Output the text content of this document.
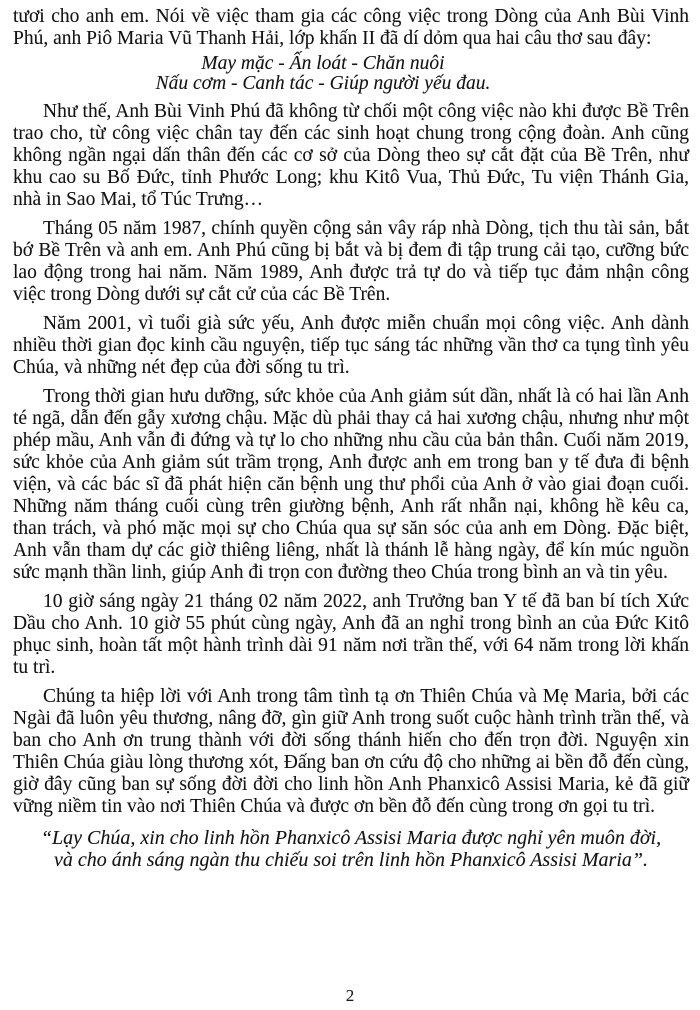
tươi cho anh em. Nói về việc tham gia các công việc trong Dòng của Anh Bùi Vinh Phú, anh Piô Maria Vũ Thanh Hải, lớp khấn II đã dí dỏm qua hai câu thơ sau đây:

May mặc - Ấn loát - Chăn nuôi
Nấu cơm - Canh tác - Giúp người yếu đau.

Như thế, Anh Bùi Vinh Phú đã không từ chối một công việc nào khi được Bề Trên trao cho, từ công việc chân tay đến các sinh hoạt chung trong cộng đoàn. Anh cũng không ngần ngại dấn thân đến các cơ sở của Dòng theo sự cắt đặt của Bề Trên, như khu cao su Bố Đức, tỉnh Phước Long; khu Kitô Vua, Thủ Đức, Tu viện Thánh Gia, nhà in Sao Mai, tổ Túc Trưng…

Tháng 05 năm 1987, chính quyền cộng sản vây ráp nhà Dòng, tịch thu tài sản, bắt bớ Bề Trên và anh em. Anh Phú cũng bị bắt và bị đem đi tập trung cải tạo, cưỡng bức lao động trong hai năm. Năm 1989, Anh được trả tự do và tiếp tục đảm nhận công việc trong Dòng dưới sự cắt cử của các Bề Trên.

Năm 2001, vì tuổi già sức yếu, Anh được miễn chuẩn mọi công việc. Anh dành nhiều thời gian đọc kinh cầu nguyện, tiếp tục sáng tác những vần thơ ca tụng tình yêu Chúa, và những nét đẹp của đời sống tu trì.

Trong thời gian hưu dưỡng, sức khỏe của Anh giảm sút dần, nhất là có hai lần Anh té ngã, dẫn đến gẫy xương chậu. Mặc dù phải thay cả hai xương chậu, nhưng như một phép mầu, Anh vẫn đi đứng và tự lo cho những nhu cầu của bản thân. Cuối năm 2019, sức khỏe của Anh giảm sút trầm trọng, Anh được anh em trong ban y tế đưa đi bệnh viện, và các bác sĩ đã phát hiện căn bệnh ung thư phổi của Anh ở vào giai đoạn cuối. Những năm tháng cuối cùng trên giường bệnh, Anh rất nhẫn nại, không hề kêu ca, than trách, và phó mặc mọi sự cho Chúa qua sự săn sóc của anh em Dòng. Đặc biệt, Anh vẫn tham dự các giờ thiêng liêng, nhất là thánh lễ hàng ngày, để kín múc nguồn sức mạnh thần linh, giúp Anh đi trọn con đường theo Chúa trong bình an và tin yêu.

10 giờ sáng ngày 21 tháng 02 năm 2022, anh Trưởng ban Y tế đã ban bí tích Xức Dầu cho Anh. 10 giờ 55 phút cùng ngày, Anh đã an nghỉ trong bình an của Đức Kitô phục sinh, hoàn tất một hành trình dài 91 năm nơi trần thế, với 64 năm trong lời khấn tu trì.

Chúng ta hiệp lời với Anh trong tâm tình tạ ơn Thiên Chúa và Mẹ Maria, bởi các Ngài đã luôn yêu thương, nâng đỡ, gìn giữ Anh trong suốt cuộc hành trình trần thế, và ban cho Anh ơn trung thành với đời sống thánh hiến cho đến trọn đời. Nguyện xin Thiên Chúa giàu lòng thương xót, Đấng ban ơn cứu độ cho những ai bền đỗ đến cùng, giờ đây cũng ban sự sống đời đời cho linh hồn Anh Phanxicô Assisi Maria, kẻ đã giữ vững niềm tin vào nơi Thiên Chúa và được ơn bền đỗ đến cùng trong ơn gọi tu trì.

“Lạy Chúa, xin cho linh hồn Phanxicô Assisi Maria được nghỉ yên muôn đời,
và cho ánh sáng ngàn thu chiếu soi trên linh hồn Phanxicô Assisi Maria”.
2
